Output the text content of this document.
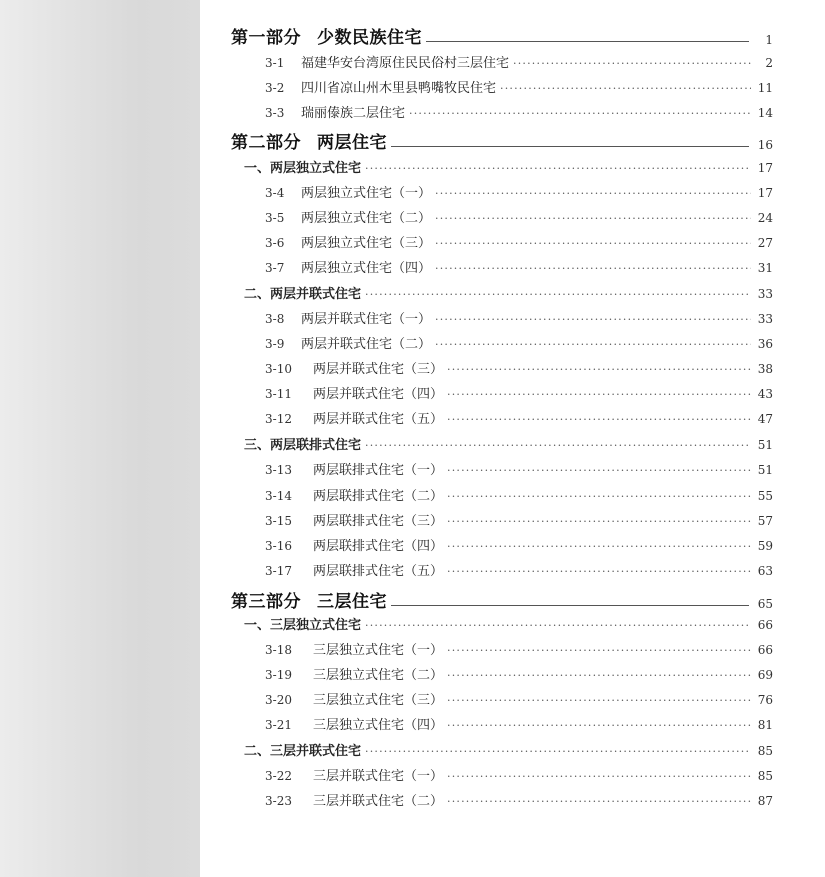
第一部分 少数民族住宅	1
3-1	福建华安台湾原住民民俗村三层住宅 ·····	2
3-2	四川省凉山州木里县鸭嘴牧民住宅 ·····	11
3-3	瑞丽傣族二层住宅 ·····	14
第二部分 两层住宅	16
一、两层独立式住宅 ·····	17
3-4	两层独立式住宅（一） ·····	17
3-5	两层独立式住宅（二） ·····	24
3-6	两层独立式住宅（三） ·····	27
3-7	两层独立式住宅（四） ·····	31
二、两层并联式住宅 ·····	33
3-8	两层并联式住宅（一） ·····	33
3-9	两层并联式住宅（二） ·····	36
3-10	两层并联式住宅（三） ·····	38
3-11	两层并联式住宅（四） ·····	43
3-12	两层并联式住宅（五） ·····	47
三、两层联排式住宅 ·····	51
3-13	两层联排式住宅（一） ·····	51
3-14	两层联排式住宅（二） ·····	55
3-15	两层联排式住宅（三） ·····	57
3-16	两层联排式住宅（四） ·····	59
3-17	两层联排式住宅（五） ·····	63
第三部分 三层住宅	65
一、三层独立式住宅 ·····	66
3-18	三层独立式住宅（一） ·····	66
3-19	三层独立式住宅（二） ·····	69
3-20	三层独立式住宅（三） ·····	76
3-21	三层独立式住宅（四） ·····	81
二、三层并联式住宅 ·····	85
3-22	三层并联式住宅（一） ·····	85
3-23	三层并联式住宅（二） ·····	87
